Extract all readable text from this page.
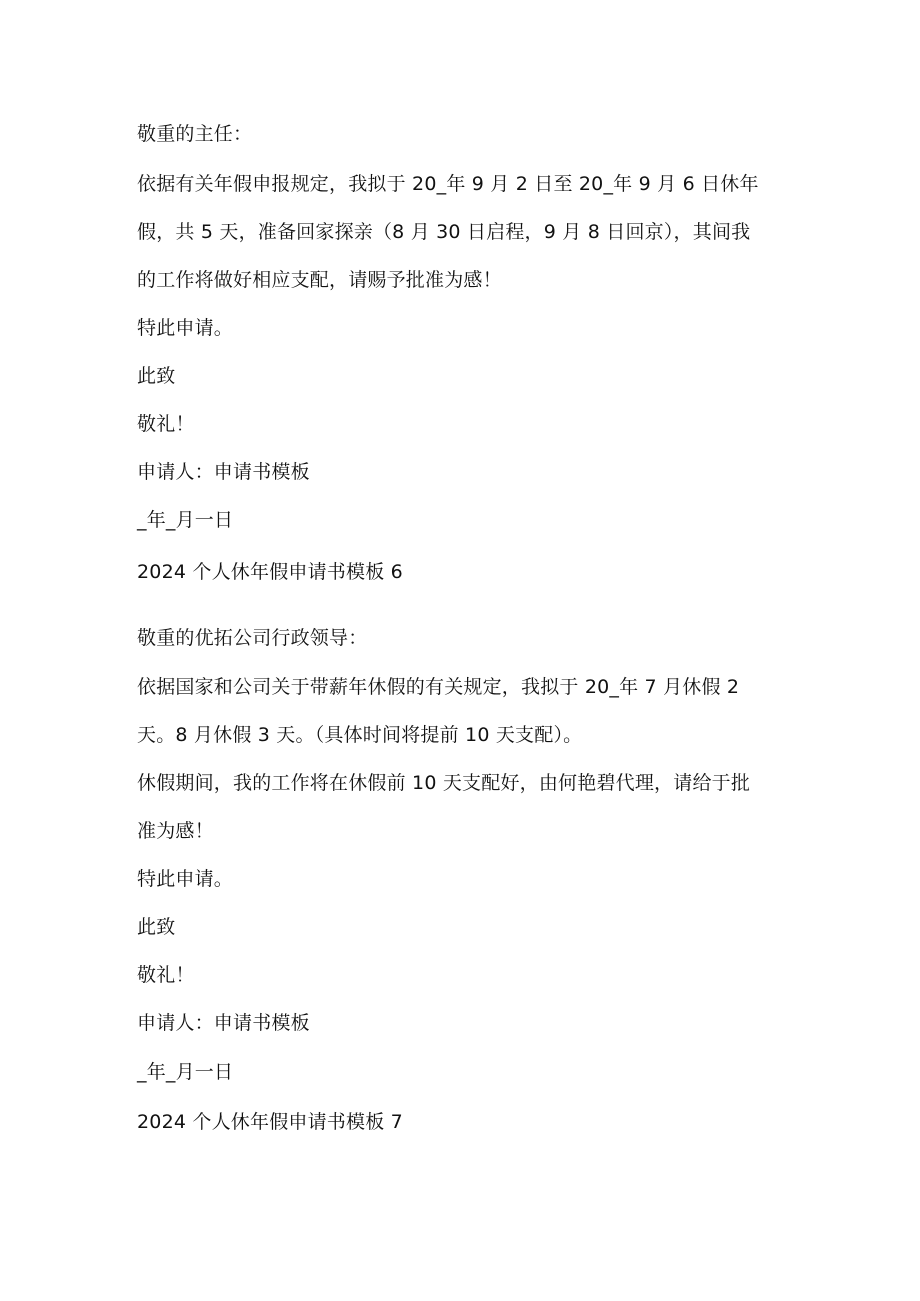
敬重的主任：
依据有关年假申报规定，我拟于 20_年 9 月 2 日至 20_年 9 月 6 日休年
假，共 5 天，准备回家探亲（8 月 30 日启程，9 月 8 日回京），其间我
的工作将做好相应支配，请赐予批准为感！
特此申请。
此致
敬礼！
申请人：申请书模板
_年_月一日
2024 个人休年假申请书模板 6
敬重的优拓公司行政领导：
依据国家和公司关于带薪年休假的有关规定，我拟于 20_年 7 月休假 2
天。8 月休假 3 天。（具体时间将提前 10 天支配）。
休假期间，我的工作将在休假前 10 天支配好，由何艳碧代理，请给于批
准为感！
特此申请。
此致
敬礼！
申请人：申请书模板
_年_月一日
2024 个人休年假申请书模板 7
